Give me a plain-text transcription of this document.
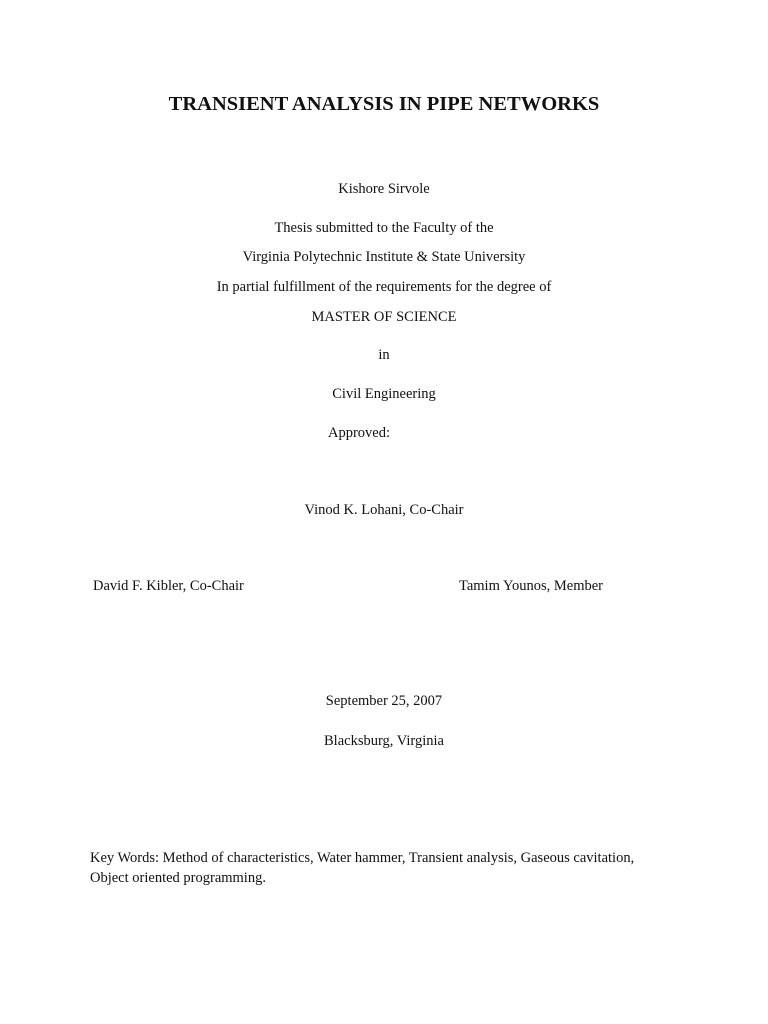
TRANSIENT ANALYSIS IN PIPE NETWORKS
Kishore Sirvole
Thesis submitted to the Faculty of the
Virginia Polytechnic Institute & State University
In partial fulfillment of the requirements for the degree of
MASTER OF SCIENCE
in
Civil Engineering
Approved:
Vinod K. Lohani, Co-Chair
David F. Kibler, Co-Chair	Tamim Younos, Member
September 25, 2007
Blacksburg, Virginia
Key Words: Method of characteristics, Water hammer, Transient analysis, Gaseous cavitation,
Object oriented programming.
